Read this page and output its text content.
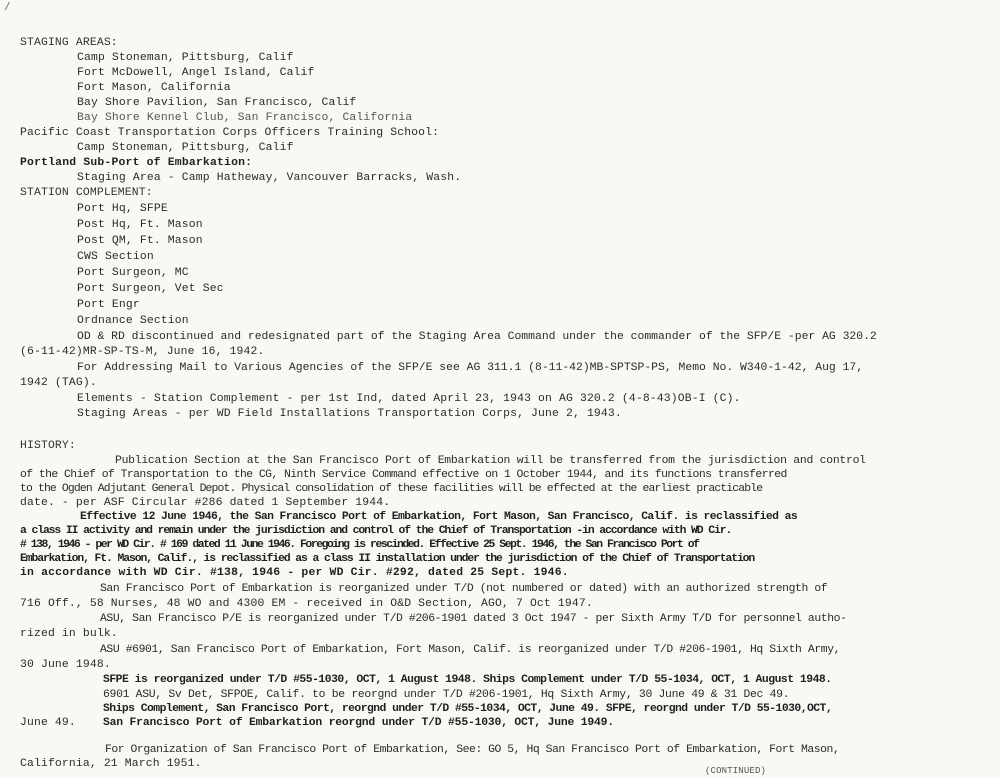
/
STAGING AREAS:
Camp Stoneman, Pittsburg, Calif
Fort McDowell, Angel Island, Calif
Fort Mason, California
Bay Shore Pavilion, San Francisco, Calif
Bay Shore Kennel Club, San Francisco, California
Pacific Coast Transportation Corps Officers Training School:
Camp Stoneman, Pittsburg, Calif
Portland Sub-Port of Embarkation:
Staging Area - Camp Hatheway, Vancouver Barracks, Wash.
STATION COMPLEMENT:
Port Hq, SFPE
Post Hq, Ft. Mason
Post QM, Ft. Mason
CWS Section
Port Surgeon, MC
Port Surgeon, Vet Sec
Port Engr
Ordnance Section
OD & RD discontinued and redesignated part of the Staging Area Command under the commander of the SFP/E -per AG 320.2
(6-11-42)MR-SP-TS-M, June 16, 1942.
For Addressing Mail to Various Agencies of the SFP/E see AG 311.1 (8-11-42)MB-SPTSP-PS, Memo No. W340-1-42, Aug 17,
1942 (TAG).
Elements - Station Complement - per 1st Ind, dated April 23, 1943 on AG 320.2 (4-8-43)OB-I (C).
Staging Areas - per WD Field Installations Transportation Corps, June 2, 1943.
HISTORY:
Publication Section at the San Francisco Port of Embarkation will be transferred from the jurisdiction and control
of the Chief of Transportation to the CG, Ninth Service Command effective on 1 October 1944, and its functions transferred
to the Ogden Adjutant General Depot. Physical consolidation of these facilities will be effected at the earliest practicable
date. - per ASF Circular #286 dated 1 September 1944.
Effective 12 June 1946, the San Francisco Port of Embarkation, Fort Mason, San Francisco, Calif. is reclassified as
a class II activity and remain under the jurisdiction and control of the Chief of Transportation -in accordance with WD Cir.
# 138, 1946 - per WD Cir. # 169 dated 11 June 1946. Foregoing is rescinded. Effective 25 Sept. 1946, the San Francisco Port of
Embarkation, Ft. Mason, Calif., is reclassified as a class II installation under the jurisdiction of the Chief of Transportation
in accordance with WD Cir. #138, 1946 - per WD Cir. #292, dated 25 Sept. 1946.
San Francisco Port of Embarkation is reorganized under T/D (not numbered or dated) with an authorized strength of
716 Off., 58 Nurses, 48 WO and 4300 EM - received in O&D Section, AGO, 7 Oct 1947.
ASU, San Francisco P/E is reorganized under T/D #206-1901 dated 3 Oct 1947 - per Sixth Army T/D for personnel autho-
rized in bulk.
ASU #6901, San Francisco Port of Embarkation, Fort Mason, Calif. is reorganized under T/D #206-1901, Hq Sixth Army,
30 June 1948.
SFPE is reorganized under T/D #55-1030, OCT, 1 August 1948. Ships Complement under T/D 55-1034, OCT, 1 August 1948.
6901 ASU, Sv Det, SFPOE, Calif. to be reorgnd under T/D #206-1901, Hq Sixth Army, 30 June 49 & 31 Dec 49.
Ships Complement, San Francisco Port, reorgnd under T/D #55-1034, OCT, June 49. SFPE, reorgnd under T/D 55-1030,OCT,
June 49. San Francisco Port of Embarkation reorgnd under T/D #55-1030, OCT, June 1949.
For Organization of San Francisco Port of Embarkation, See: GO 5, Hq San Francisco Port of Embarkation, Fort Mason,
California, 21 March 1951.
(CONTINUED)
